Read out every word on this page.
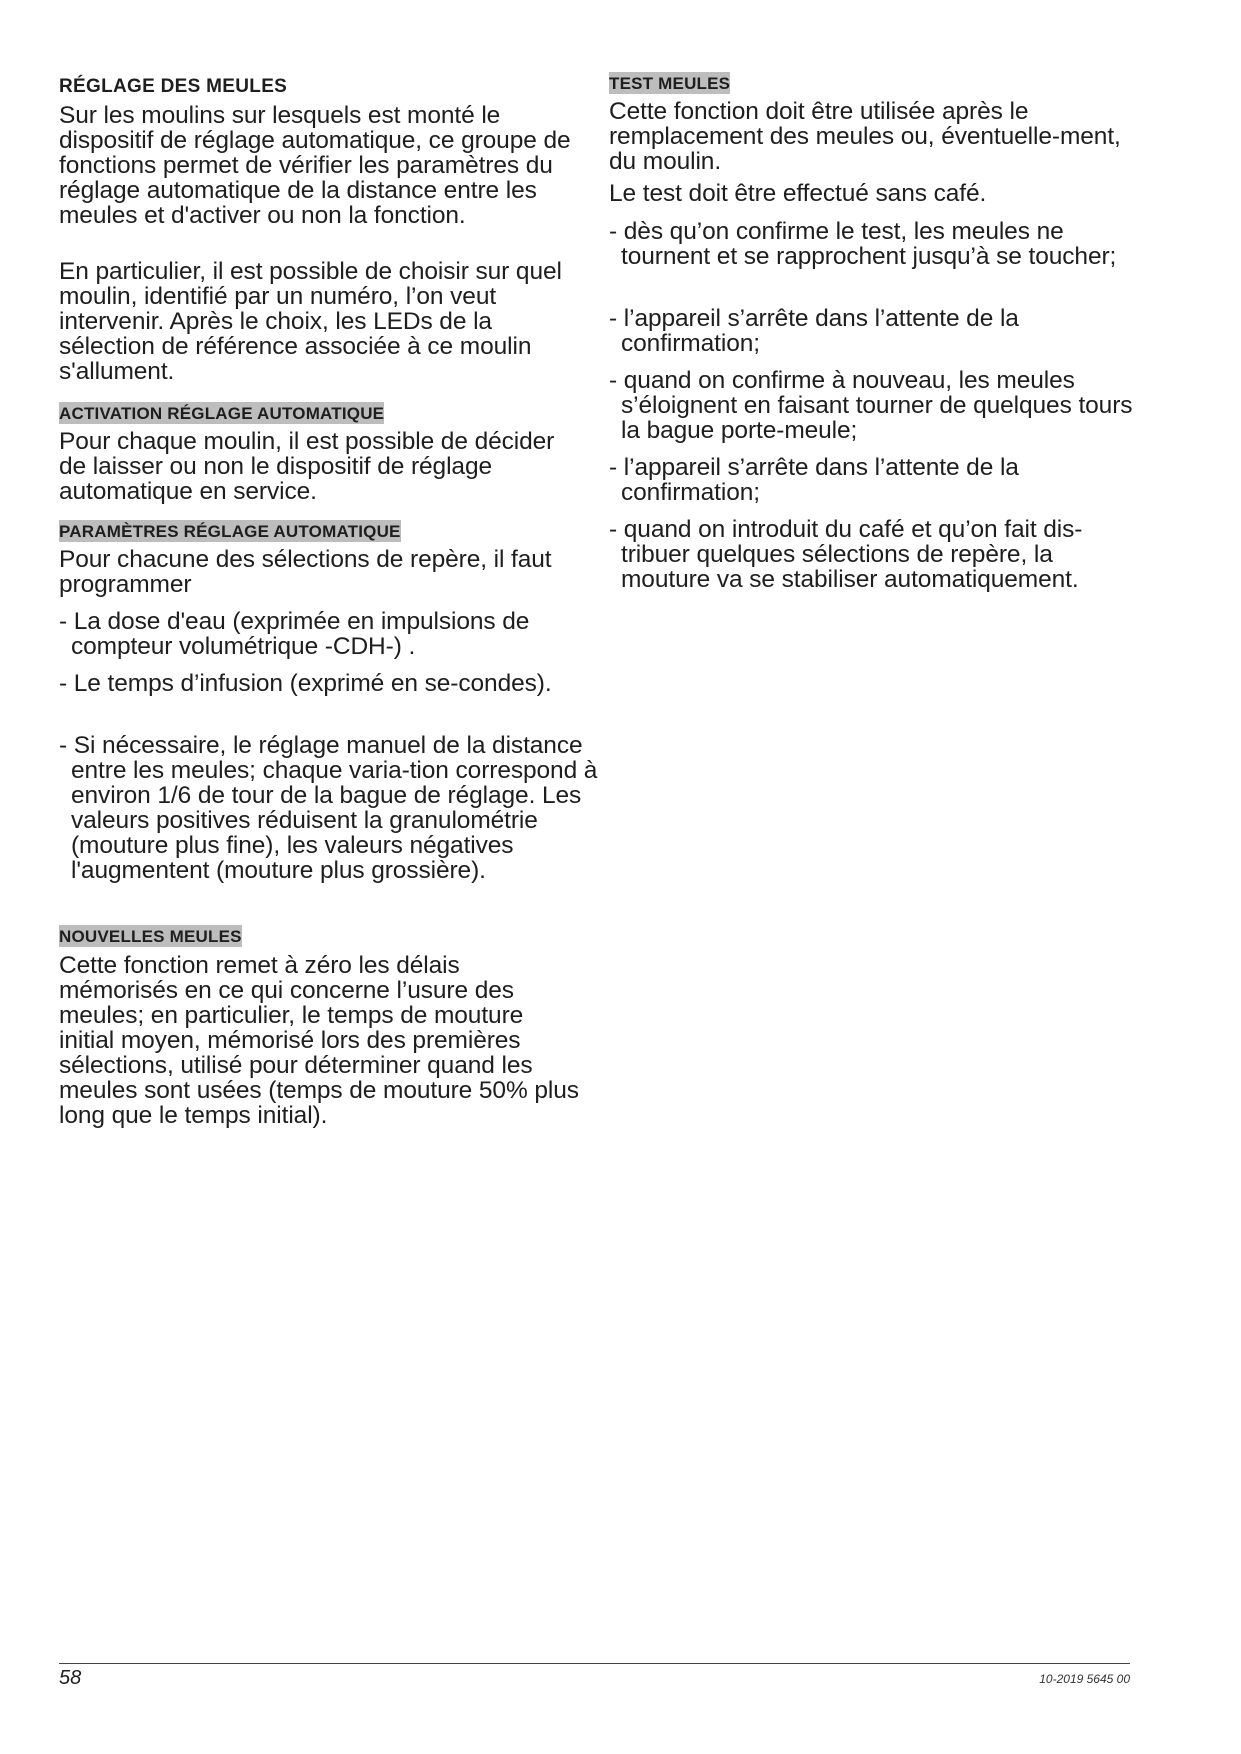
RÉGLAGE DES MEULES

Sur les moulins sur lesquels est monté le dispositif de réglage automatique, ce groupe de fonctions permet de vérifier les paramètres du réglage automatique de la distance entre les meules et d'activer ou non la fonction.

En particulier, il est possible de choisir sur quel moulin, identifié par un numéro, l’on veut intervenir. Après le choix, les LEDs de la sélection de référence associée à ce moulin s'allument.

ACTIVATION RÉGLAGE AUTOMATIQUE

Pour chaque moulin, il est possible de décider de laisser ou non le dispositif de réglage automatique en service.

PARAMÈTRES RÉGLAGE AUTOMATIQUE

Pour chacune des sélections de repère, il faut programmer

- La dose d'eau (exprimée en impulsions de compteur volumétrique -CDH-) .

- Le temps d’infusion (exprimé en se-condes).

- Si nécessaire, le réglage manuel de la distance entre les meules; chaque varia-tion correspond à environ 1/6 de tour de la bague de réglage. Les valeurs positives réduisent la granulométrie (mouture plus fine), les valeurs négatives l'augmentent (mouture plus grossière).

NOUVELLES MEULES

Cette fonction remet à zéro les délais mémorisés en ce qui concerne l’usure des meules; en particulier, le temps de mouture initial moyen, mémorisé lors des premières sélections, utilisé pour déterminer quand les meules sont usées (temps de mouture 50% plus long que le temps initial).

TEST MEULES

Cette fonction doit être utilisée après le remplacement des meules ou, éventuelle-ment, du moulin.

Le test doit être effectué sans café.

- dès qu’on confirme le test, les meules ne tournent et se rapprochent jusqu’à se toucher;

- l’appareil s’arrête dans l’attente de la confirmation;

- quand on confirme à nouveau, les meules s’éloignent en faisant tourner de quelques tours la bague porte-meule;

- l’appareil s’arrête dans l’attente de la confirmation;

- quand on introduit du café et qu’on fait dis-tribuer quelques sélections de repère, la mouture va se stabiliser automatiquement.

58	10-2019 5645 00
